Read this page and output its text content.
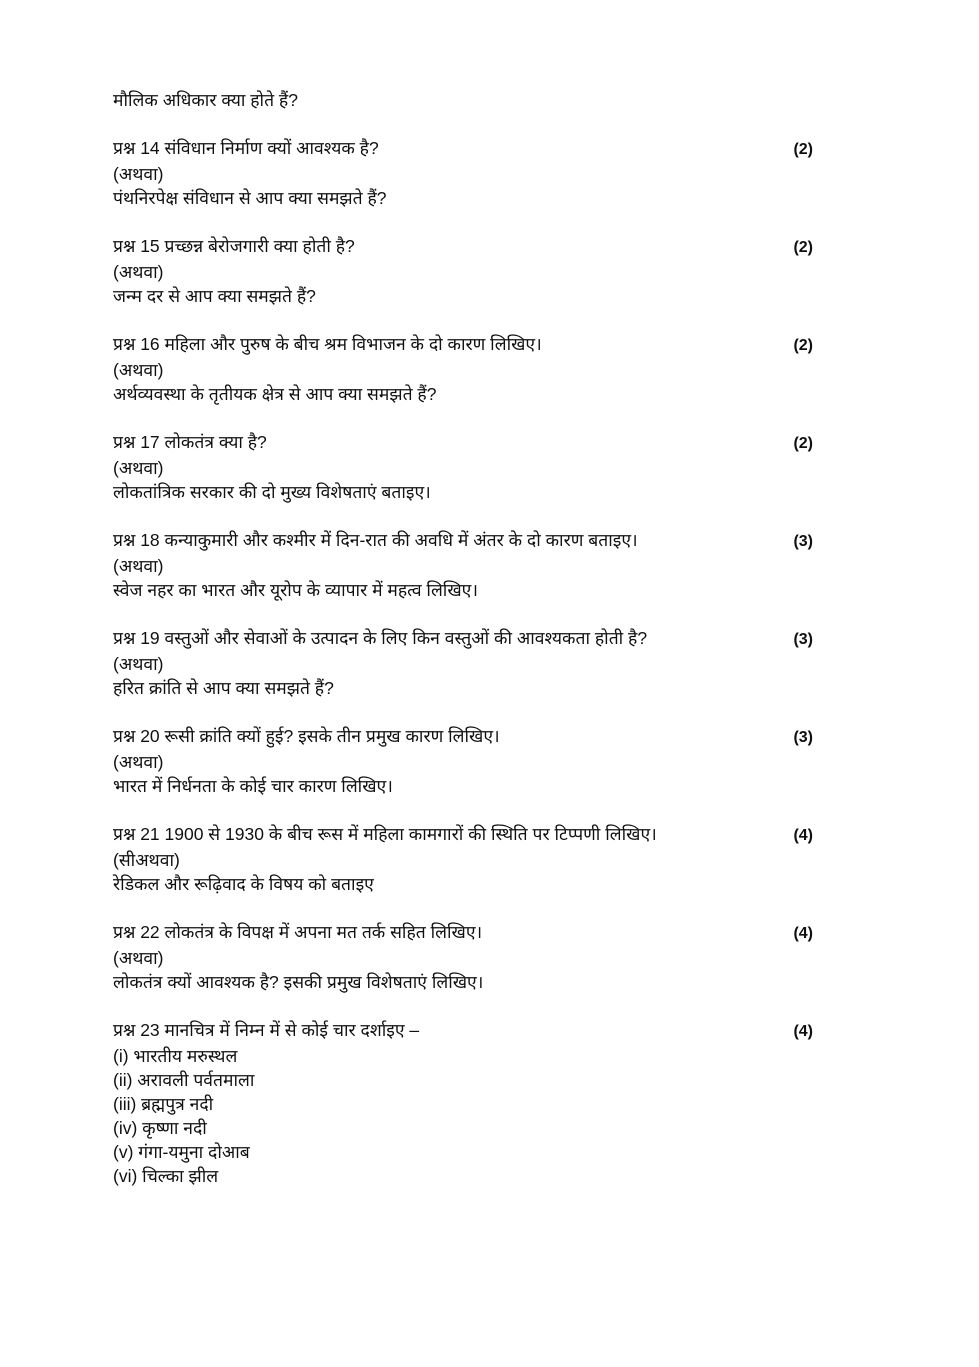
मौलिक अधिकार क्या होते हैं?
प्रश्न 14 संविधान निर्माण क्यों आवश्यक है?	(2)
(अथवा)
पंथनिरपेक्ष संविधान से आप क्या समझते हैं?
प्रश्न 15 प्रच्छन्न बेरोजगारी क्या होती है?	(2)
(अथवा)
जन्म दर से आप क्या समझते हैं?
प्रश्न 16 महिला और पुरुष के बीच श्रम विभाजन के दो कारण लिखिए।	(2)
(अथवा)
अर्थव्यवस्था के तृतीयक क्षेत्र से आप क्या समझते हैं?
प्रश्न 17 लोकतंत्र क्या है?	(2)
(अथवा)
लोकतांत्रिक सरकार की दो मुख्य विशेषताएं बताइए।
प्रश्न 18 कन्याकुमारी और कश्मीर में दिन-रात की अवधि में अंतर के दो कारण बताइए।	(3)
(अथवा)
स्वेज नहर का भारत और यूरोप के व्यापार में महत्व लिखिए।
प्रश्न 19 वस्तुओं और सेवाओं के उत्पादन के लिए किन वस्तुओं की आवश्यकता होती है?	(3)
(अथवा)
हरित क्रांति से आप क्या समझते हैं?
प्रश्न 20 रूसी क्रांति क्यों हुई? इसके तीन प्रमुख कारण लिखिए।	(3)
(अथवा)
भारत में निर्धनता के कोई चार कारण लिखिए।
प्रश्न 21 1900 से 1930 के बीच रूस में महिला कामगारों की स्थिति पर टिप्पणी लिखिए।	(4)
(सीअथवा)
रेडिकल और रूढ़िवाद के विषय को बताइए
प्रश्न 22 लोकतंत्र के विपक्ष में अपना मत तर्क सहित लिखिए।	(4)
(अथवा)
लोकतंत्र क्यों आवश्यक है? इसकी प्रमुख विशेषताएं लिखिए।
प्रश्न 23 मानचित्र में निम्न में से कोई चार दर्शाइए –	(4)
(i) भारतीय मरुस्थल
(ii) अरावली पर्वतमाला
(iii) ब्रह्मपुत्र नदी
(iv) कृष्णा नदी
(v) गंगा-यमुना दोआब
(vi) चिल्का झील
